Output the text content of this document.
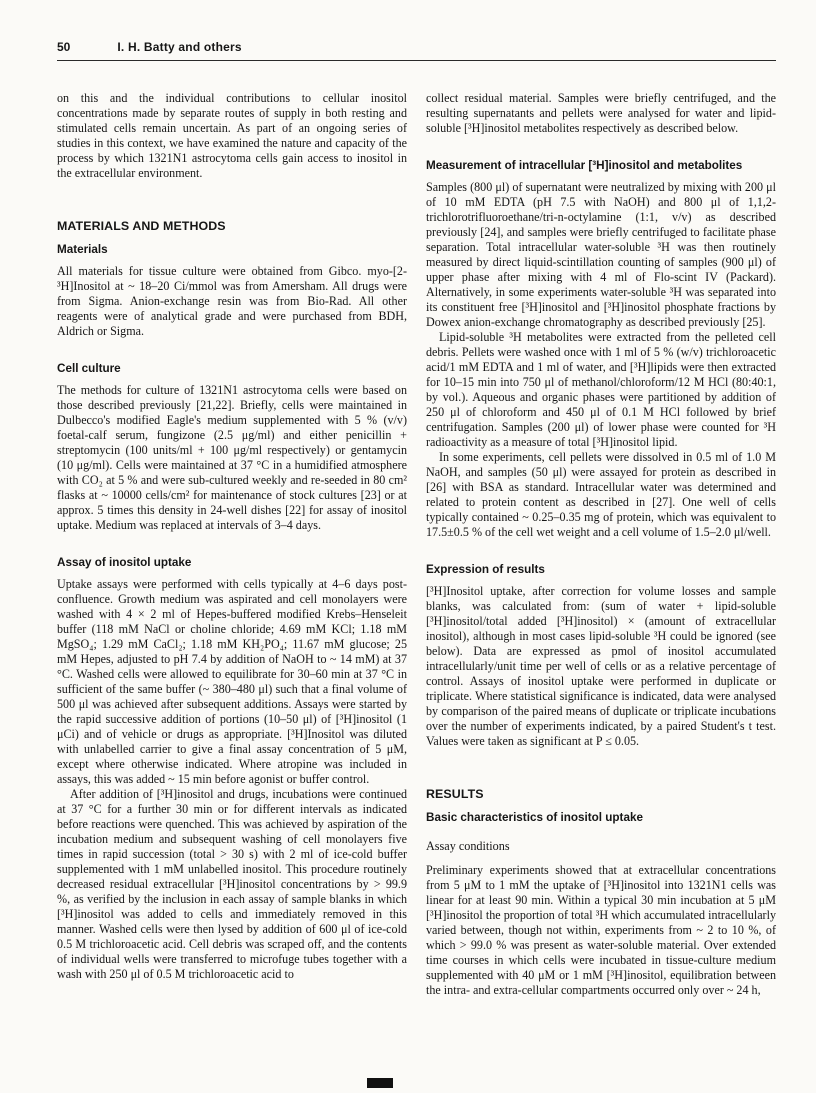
50	I. H. Batty and others

on this and the individual contributions to cellular inositol concentrations made by separate routes of supply in both resting and stimulated cells remain uncertain. As part of an ongoing series of studies in this context, we have examined the nature and capacity of the process by which 1321N1 astrocytoma cells gain access to inositol in the extracellular environment.

MATERIALS AND METHODS
Materials

All materials for tissue culture were obtained from Gibco. myo-[2-³H]Inositol at ~ 18–20 Ci/mmol was from Amersham. All drugs were from Sigma. Anion-exchange resin was from Bio-Rad. All other reagents were of analytical grade and were purchased from BDH, Aldrich or Sigma.

Cell culture

The methods for culture of 1321N1 astrocytoma cells were based on those described previously [21,22]. Briefly, cells were maintained in Dulbecco's modified Eagle's medium supplemented with 5 % (v/v) foetal-calf serum, fungizone (2.5 μg/ml) and either penicillin + streptomycin (100 units/ml + 100 μg/ml respectively) or gentamycin (10 μg/ml). Cells were maintained at 37 °C in a humidified atmosphere with CO₂ at 5 % and were sub-cultured weekly and re-seeded in 80 cm² flasks at ~ 10000 cells/cm² for maintenance of stock cultures [23] or at approx. 5 times this density in 24-well dishes [22] for assay of inositol uptake. Medium was replaced at intervals of 3–4 days.

Assay of inositol uptake

Uptake assays were performed with cells typically at 4–6 days post-confluence. Growth medium was aspirated and cell monolayers were washed with 4 × 2 ml of Hepes-buffered modified Krebs–Henseleit buffer (118 mM NaCl or choline chloride; 4.69 mM KCl; 1.18 mM MgSO₄; 1.29 mM CaCl₂; 1.18 mM KH₂PO₄; 11.67 mM glucose; 25 mM Hepes, adjusted to pH 7.4 by addition of NaOH to ~ 14 mM) at 37 °C. Washed cells were allowed to equilibrate for 30–60 min at 37 °C in sufficient of the same buffer (~ 380–480 μl) such that a final volume of 500 μl was achieved after subsequent additions. Assays were started by the rapid successive addition of portions (10–50 μl) of [³H]inositol (1 μCi) and of vehicle or drugs as appropriate. [³H]Inositol was diluted with unlabelled carrier to give a final assay concentration of 5 μM, except where otherwise indicated. Where atropine was included in assays, this was added ~ 15 min before agonist or buffer control.

After addition of [³H]inositol and drugs, incubations were continued at 37 °C for a further 30 min or for different intervals as indicated before reactions were quenched. This was achieved by aspiration of the incubation medium and subsequent washing of cell monolayers five times in rapid succession (total > 30 s) with 2 ml of ice-cold buffer supplemented with 1 mM unlabelled inositol. This procedure routinely decreased residual extracellular [³H]inositol concentrations by > 99.9 %, as verified by the inclusion in each assay of sample blanks in which [³H]inositol was added to cells and immediately removed in this manner. Washed cells were then lysed by addition of 600 μl of ice-cold 0.5 M trichloroacetic acid. Cell debris was scraped off, and the contents of individual wells were transferred to microfuge tubes together with a wash with 250 μl of 0.5 M trichloroacetic acid to

collect residual material. Samples were briefly centrifuged, and the resulting supernatants and pellets were analysed for water and lipid-soluble [³H]inositol metabolites respectively as described below.

Measurement of intracellular [³H]inositol and metabolites

Samples (800 μl) of supernatant were neutralized by mixing with 200 μl of 10 mM EDTA (pH 7.5 with NaOH) and 800 μl of 1,1,2-trichlorotrifluoroethane/tri-n-octylamine (1:1, v/v) as described previously [24], and samples were briefly centrifuged to facilitate phase separation. Total intracellular water-soluble ³H was then routinely measured by direct liquid-scintillation counting of samples (900 μl) of upper phase after mixing with 4 ml of Flo-scint IV (Packard). Alternatively, in some experiments water-soluble ³H was separated into its constituent free [³H]inositol and [³H]inositol phosphate fractions by Dowex anion-exchange chromatography as described previously [25].

Lipid-soluble ³H metabolites were extracted from the pelleted cell debris. Pellets were washed once with 1 ml of 5 % (w/v) trichloroacetic acid/1 mM EDTA and 1 ml of water, and [³H]lipids were then extracted for 10–15 min into 750 μl of methanol/chloroform/12 M HCl (80:40:1, by vol.). Aqueous and organic phases were partitioned by addition of 250 μl of chloroform and 450 μl of 0.1 M HCl followed by brief centrifugation. Samples (200 μl) of lower phase were counted for ³H radioactivity as a measure of total [³H]inositol lipid.

In some experiments, cell pellets were dissolved in 0.5 ml of 1.0 M NaOH, and samples (50 μl) were assayed for protein as described in [26] with BSA as standard. Intracellular water was determined and related to protein content as described in [27]. One well of cells typically contained ~ 0.25–0.35 mg of protein, which was equivalent to 17.5±0.5 % of the cell wet weight and a cell volume of 1.5–2.0 μl/well.

Expression of results

[³H]Inositol uptake, after correction for volume losses and sample blanks, was calculated from: (sum of water + lipid-soluble [³H]inositol/total added [³H]inositol) × (amount of extracellular inositol), although in most cases lipid-soluble ³H could be ignored (see below). Data are expressed as pmol of inositol accumulated intracellularly/unit time per well of cells or as a relative percentage of control. Assays of inositol uptake were performed in duplicate or triplicate. Where statistical significance is indicated, data were analysed by comparison of the paired means of duplicate or triplicate incubations over the number of experiments indicated, by a paired Student's t test. Values were taken as significant at P ≤ 0.05.

RESULTS
Basic characteristics of inositol uptake
Assay conditions

Preliminary experiments showed that at extracellular concentrations from 5 μM to 1 mM the uptake of [³H]inositol into 1321N1 cells was linear for at least 90 min. Within a typical 30 min incubation at 5 μM [³H]inositol the proportion of total ³H which accumulated intracellularly varied between, though not within, experiments from ~ 2 to 10 %, of which > 99.0 % was present as water-soluble material. Over extended time courses in which cells were incubated in tissue-culture medium supplemented with 40 μM or 1 mM [³H]inositol, equilibration between the intra- and extra-cellular compartments occurred only over ~ 24 h,
